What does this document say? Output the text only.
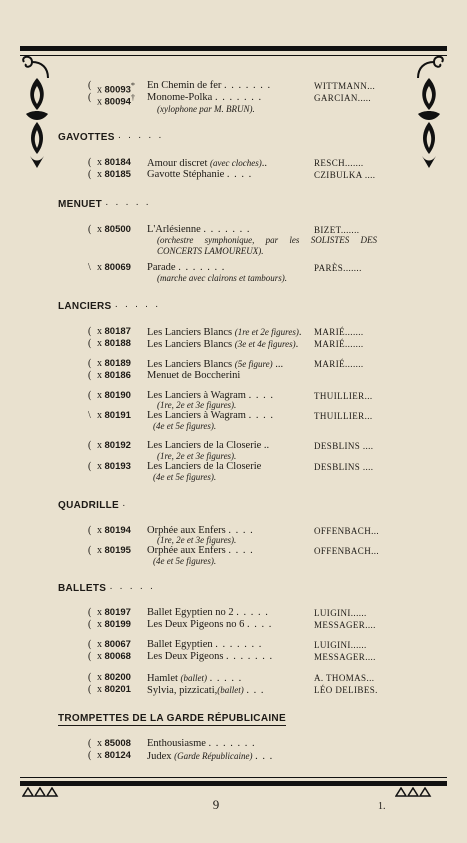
( x 80093* En Chemin de fer . . . . . . .	WITTMANN...
( x 80094† Monome-Polka . . . . . . .	GARCIAN.....
(xylophone par M. BRUN).
GAVOTTES · · · · ·
( x 80184 Amour discret (avec cloches)..	RESCH.......
( x 80185 Gavotte Stéphanie . . . .	CZIBULKA ....
MENUET · · · · ·
( x 80500 L'Arlésienne . . . . . . .	BIZET.......
(orchestre symphonique, par les SOLISTES DES CONCERTS LAMOUREUX).
\ x 80069 Parade . . . . . . .	PARÈS.......
(marche avec clairons et tambours).
LANCIERS · · · · ·
( x 80187 Les Lanciers Blancs (1re et 2e figures). MARIÉ.......
( x 80188 Les Lanciers Blancs (3e et 4e figures). MARIÉ.......
( x 80189 Les Lanciers Blancs (5e figure) ...	MARIÉ.......
( x 80186 Menuet de Boccherini
( x 80190 Les Lanciers à Wagram . . . .	THUILLIER...
(1re, 2e et 3e figures).
\ x 80191 Les Lanciers à Wagram . . . .	THUILLIER...
(4e et 5e figures).
( x 80192 Les Lanciers de la Closerie ..	DESBLINS ....
(1re, 2e et 3e figures).
( x 80193 Les Lanciers de la Closerie	DESBLINS ....
(4e et 5e figures).
QUADRILLE ·
( x 80194 Orphée aux Enfers . . . .	OFFENBACH...
(1re, 2e et 3e figures).
( x 80195 Orphée aux Enfers . . . .	OFFENBACH...
(4e et 5e figures).
BALLETS · · · · ·
( x 80197 Ballet Egyptien no 2 . . . . .	LUIGINI......
( x 80199 Les Deux Pigeons no 6 . . . .	MESSAGER....
( x 80067 Ballet Egyptien . . . . . . .	LUIGINI......
( x 80068 Les Deux Pigeons . . . . . . .	MESSAGER....
( x 80200 Hamlet (ballet) . . . . .	A. THOMAS...
( x 80201 Sylvia, pizzicati,(ballet) . . .	LÉO DELIBES.
TROMPETTES DE LA GARDE RÉPUBLICAINE
( x 85008 Enthousiasme . . . . . . .
( x 80124 Judex (Garde Républicaine) . . .
9	1.
